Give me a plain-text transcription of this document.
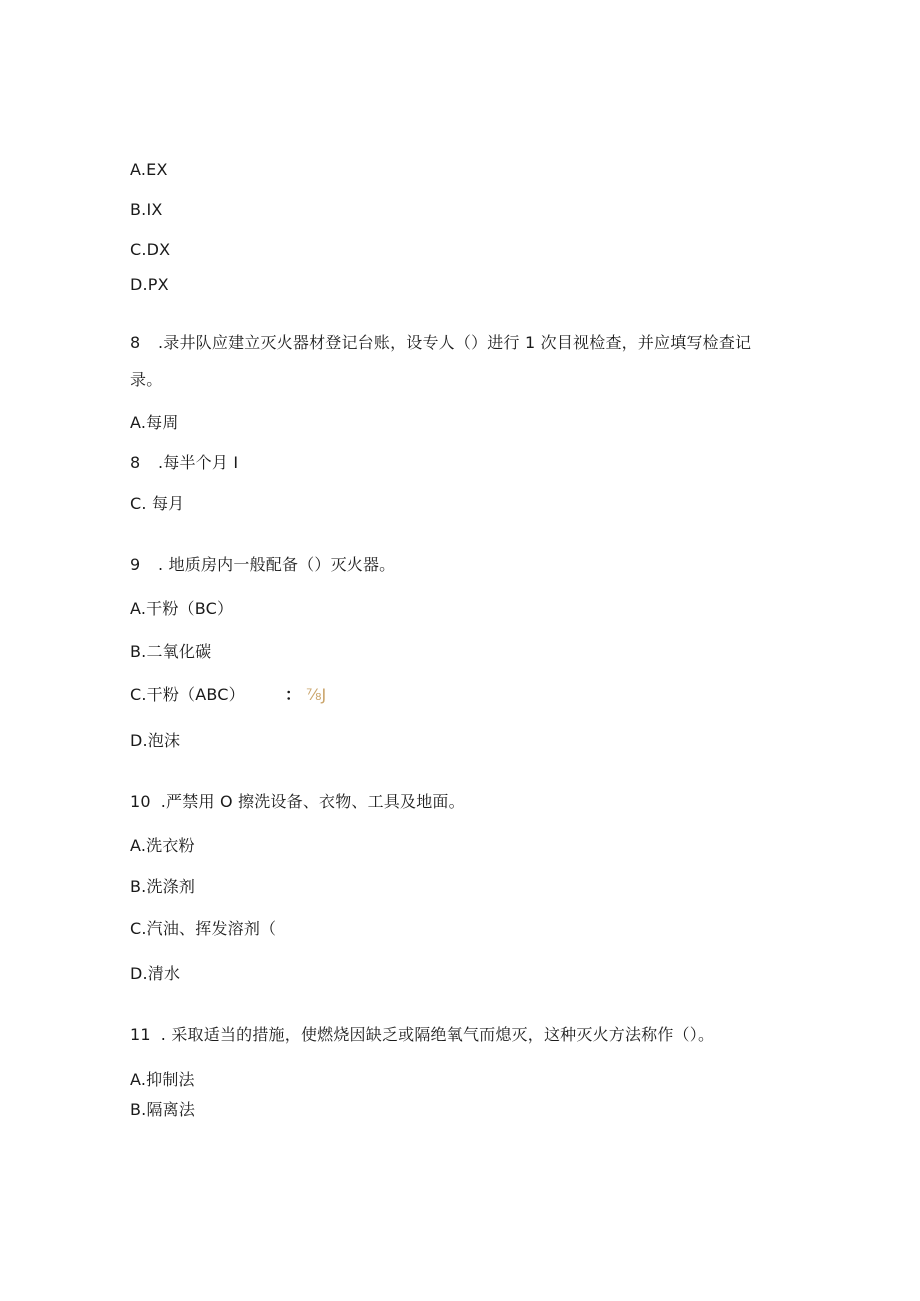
A.EX
B.IX
C.DX
D.PX
8 .录井队应建立灭火器材登记台账，设专人（）进行 1 次目视检查，并应填写检查记
录。
A.每周
8 .每半个月 I
C. 每月
9 . 地质房内一般配备（）灭火器。
A.干粉（BC）
B.二氧化碳
C.干粉（ABC）	： ⅞J
D.泡沫
10 .严禁用 O 擦洗设备、衣物、工具及地面。
A.洗衣粉
B.洗涤剂
C.汽油、挥发溶剂（
D.清水
11 . 采取适当的措施，使燃烧因缺乏或隔绝氧气而熄灭，这种灭火方法称作（）。
A.抑制法
B.隔离法
